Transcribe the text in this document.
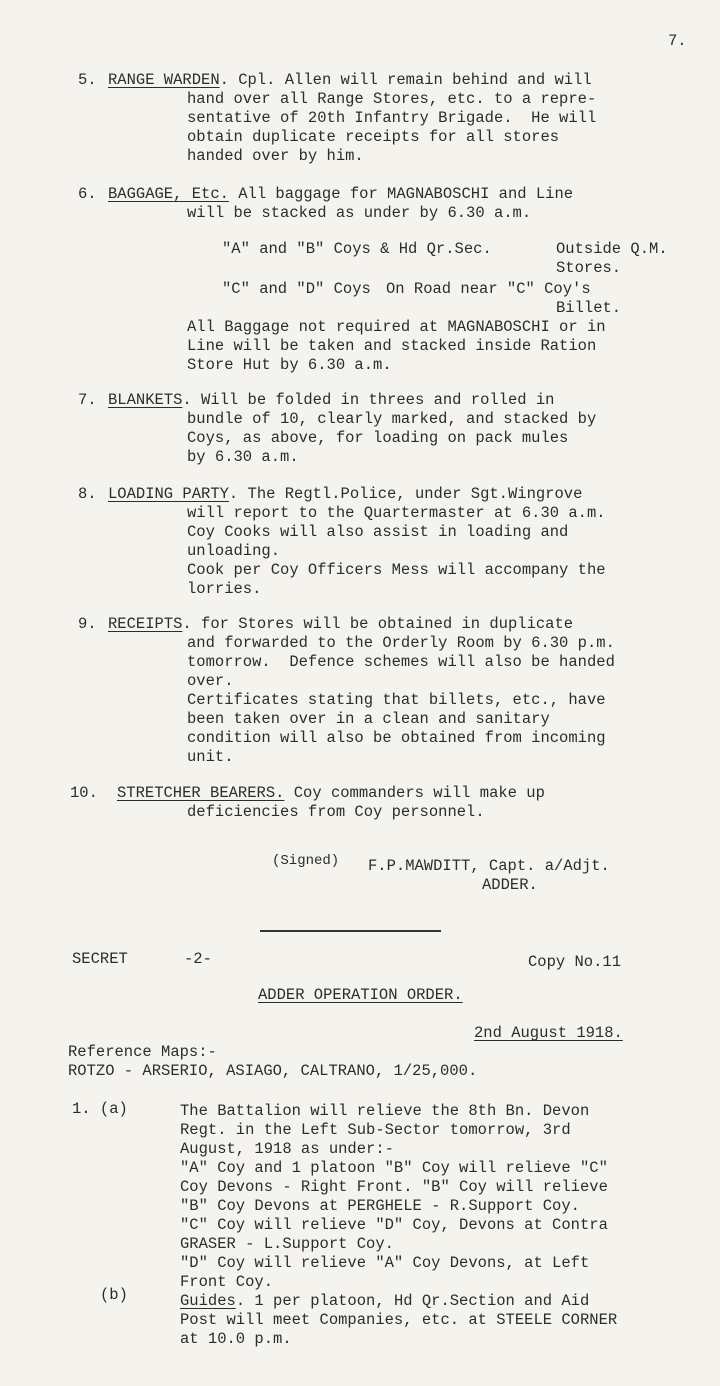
7.
5. RANGE WARDEN. Cpl. Allen will remain behind and will
hand over all Range Stores, etc. to a repre-
sentative of 20th Infantry Brigade.  He will
obtain duplicate receipts for all stores
handed over by him.
6. BAGGAGE, Etc. All baggage for MAGNABOSCHI and Line
will be stacked as under by 6.30 a.m.
"A" and "B" Coys & Hd Qr.Sec.	Outside Q.M.
Stores.
"C" and "D" Coys On Road near "C" Coy's
Billet.
All Baggage not required at MAGNABOSCHI or in
Line will be taken and stacked inside Ration
Store Hut by 6.30 a.m.
7. BLANKETS. Will be folded in threes and rolled in
bundle of 10, clearly marked, and stacked by
Coys, as above, for loading on pack mules
by 6.30 a.m.
8. LOADING PARTY. The Regtl.Police, under Sgt.Wingrove
will report to the Quartermaster at 6.30 a.m.
Coy Cooks will also assist in loading and
unloading.
Cook per Coy Officers Mess will accompany the
lorries.
9. RECEIPTS. for Stores will be obtained in duplicate
and forwarded to the Orderly Room by 6.30 p.m.
tomorrow.  Defence schemes will also be handed
over.
Certificates stating that billets, etc., have
been taken over in a clean and sanitary
condition will also be obtained from incoming
unit.
10. STRETCHER BEARERS. Coy commanders will make up
deficiencies from Coy personnel.
(Signed) F.P.MAWDITT, Capt. a/Adjt.
ADDER.
SECRET	-2-	Copy No.11
ADDER OPERATION ORDER.
2nd August 1918.
Reference Maps:-
ROTZO - ARSERIO, ASIAGO, CALTRANO, 1/25,000.
1. (a)	The Battalion will relieve the 8th Bn. Devon
Regt. in the Left Sub-Sector tomorrow, 3rd
August, 1918 as under:-
"A" Coy and 1 platoon "B" Coy will relieve "C"
Coy Devons - Right Front. "B" Coy will relieve
"B" Coy Devons at PERGHELE - R.Support Coy.
"C" Coy will relieve "D" Coy, Devons at Contra
GRASER - L.Support Coy.
"D" Coy will relieve "A" Coy Devons, at Left
Front Coy.
(b)	Guides. 1 per platoon, Hd Qr.Section and Aid
Post will meet Companies, etc. at STEELE CORNER
at 10.0 p.m.
